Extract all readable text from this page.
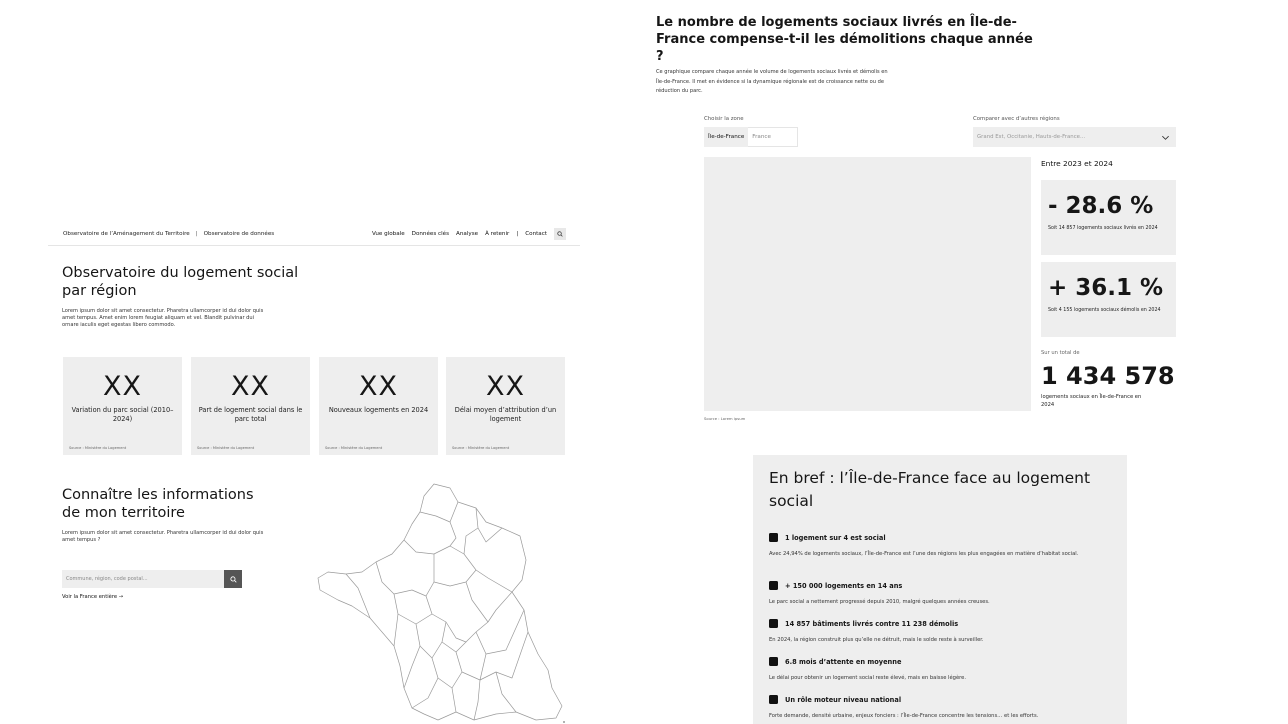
Observatoire de l’Aménagement du Territoire | Observatoire de données	Vue globale Données clés Analyse À retenir | Contact
Observatoire du logement social par région
Lorem ipsum dolor sit amet consectetur. Pharetra ullamcorper id dui dolor quis amet tempus. Amet enim lorem feugiat aliquam et vel. Blandit pulvinar dui ornare iaculis eget egestas libero commodo.
XX
Variation du parc social (2010–2024)
Source : Ministère du Logement
XX
Part de logement social dans le parc total
Source : Ministère du Logement
XX
Nouveaux logements en 2024
Source : Ministère du Logement
XX
Délai moyen d’attribution d’un logement
Source : Ministère du Logement
Connaître les informations de mon territoire
Lorem ipsum dolor sit amet consectetur. Pharetra ullamcorper id dui dolor quis amet tempus ?
Commune, région, code postal...
Voir la France entière →
Le nombre de logements sociaux livrés en Île-de-France compense-t-il les démolitions chaque année ?
Ce graphique compare chaque année le volume de logements sociaux livrés et démolis en Île-de-France. Il met en évidence si la dynamique régionale est de croissance nette ou de réduction du parc.
Choisir la zone
Île-de-France	France
Comparer avec d’autres régions
Grand Est, Occitanie, Hauts-de-France...
Source : Lorem ipsum
Entre 2023 et 2024
- 28.6 %
Soit 14 857 logements sociaux livrés en 2024
+ 36.1 %
Soit 4 155 logements sociaux démolis en 2024
Sur un total de
1 434 578
logements sociaux en Île-de-France en 2024
En bref : l’Île-de-France face au logement social
1 logement sur 4 est social
Avec 24,94% de logements sociaux, l’Île-de-France est l’une des régions les plus engagées en matière d’habitat social.
+ 150 000 logements en 14 ans
Le parc social a nettement progressé depuis 2010, malgré quelques années creuses.
14 857 bâtiments livrés contre 11 238 démolis
En 2024, la région construit plus qu’elle ne détruit, mais le solde reste à surveiller.
6.8 mois d’attente en moyenne
Le délai pour obtenir un logement social reste élevé, mais en baisse légère.
Un rôle moteur niveau national
Forte demande, densité urbaine, enjeux fonciers : l’Île-de-France concentre les tensions… et les efforts.
